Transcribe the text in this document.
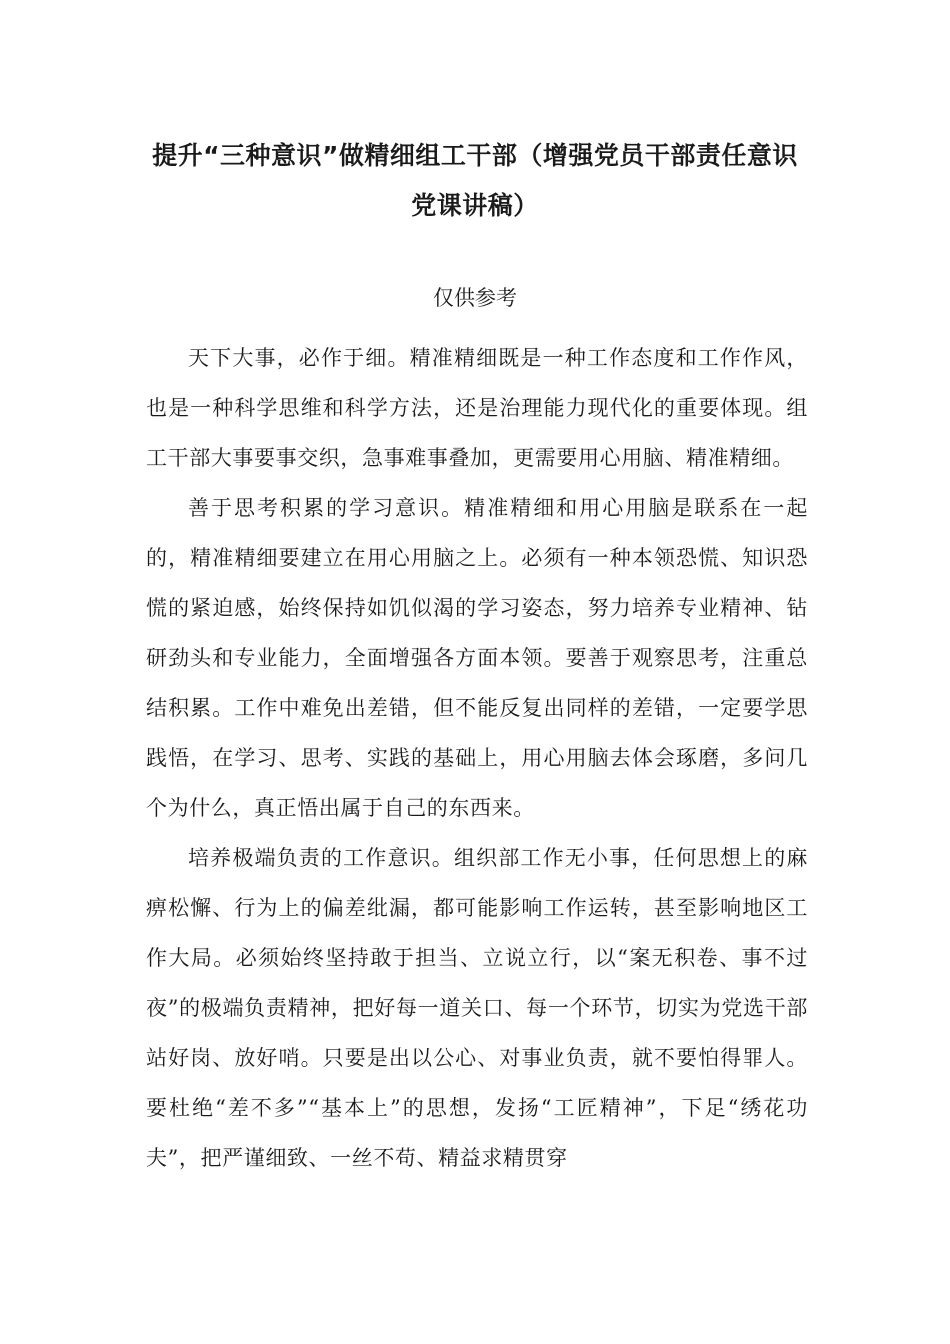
提升“三种意识”做精细组工干部（增强党员干部责任意识党课讲稿）
仅供参考

天下大事，必作于细。精准精细既是一种工作态度和工作作风，也是一种科学思维和科学方法，还是治理能力现代化的重要体现。组工干部大事要事交织，急事难事叠加，更需要用心用脑、精准精细。

善于思考积累的学习意识。精准精细和用心用脑是联系在一起的，精准精细要建立在用心用脑之上。必须有一种本领恐慌、知识恐慌的紧迫感，始终保持如饥似渴的学习姿态，努力培养专业精神、钻研劲头和专业能力，全面增强各方面本领。要善于观察思考，注重总结积累。工作中难免出差错，但不能反复出同样的差错，一定要学思践悟，在学习、思考、实践的基础上，用心用脑去体会琢磨，多问几个为什么，真正悟出属于自己的东西来。

培养极端负责的工作意识。组织部工作无小事，任何思想上的麻痹松懈、行为上的偏差纰漏，都可能影响工作运转，甚至影响地区工作大局。必须始终坚持敢于担当、立说立行，以“案无积卷、事不过夜”的极端负责精神，把好每一道关口、每一个环节，切实为党选干部站好岗、放好哨。只要是出以公心、对事业负责，就不要怕得罪人。要杜绝“差不多”“基本上”的思想，发扬“工匠精神”，下足“绣花功夫”，把严谨细致、一丝不苟、精益求精贯穿
